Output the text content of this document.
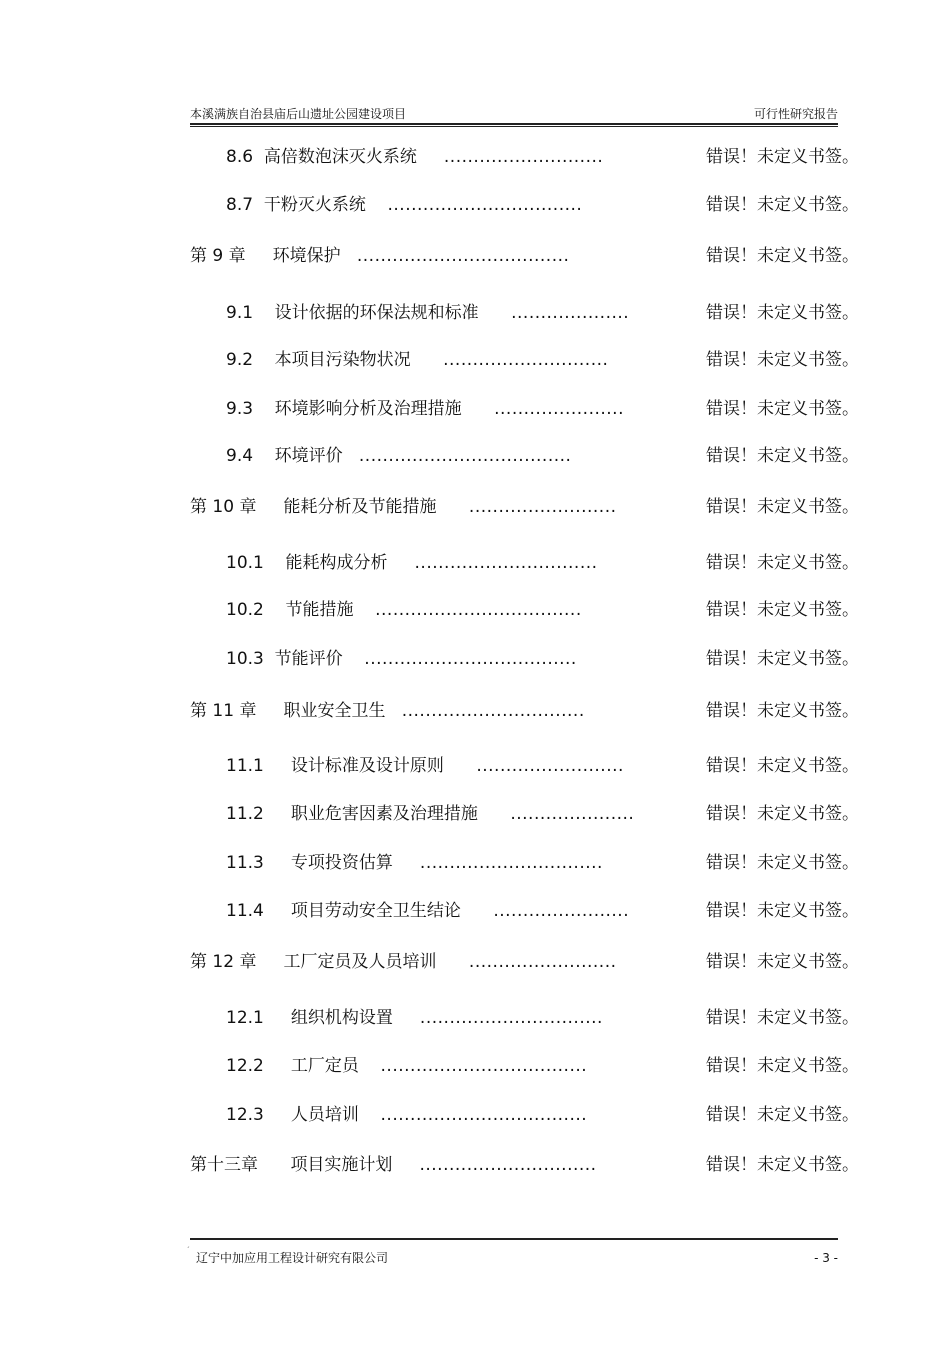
本溪满族自治县庙后山遗址公园建设项目	可行性研究报告
8.6 高倍数泡沫灭火系统 ...........................	错误！未定义书签。
8.7 干粉灭火系统 .................................	错误！未定义书签。
第 9 章 环境保护 ....................................	错误！未定义书签。
9.1 设计依据的环保法规和标准 ....................	错误！未定义书签。
9.2 本项目污染物状况 ............................	错误！未定义书签。
9.3 环境影响分析及治理措施 ......................	错误！未定义书签。
9.4 环境评价 ....................................	错误！未定义书签。
第 10 章 能耗分析及节能措施 .........................	错误！未定义书签。
10.1 能耗构成分析 ...............................	错误！未定义书签。
10.2 节能措施 ...................................	错误！未定义书签。
10.3 节能评价 ....................................	错误！未定义书签。
第 11 章 职业安全卫生 ...............................	错误！未定义书签。
11.1 设计标准及设计原则 .........................	错误！未定义书签。
11.2 职业危害因素及治理措施 .....................	错误！未定义书签。
11.3 专项投资估算 ...............................	错误！未定义书签。
11.4 项目劳动安全卫生结论 .......................	错误！未定义书签。
第 12 章 工厂定员及人员培训 .........................	错误！未定义书签。
12.1 组织机构设置 ...............................	错误！未定义书签。
12.2 工厂定员 ...................................	错误！未定义书签。
12.3 人员培训 ...................................	错误！未定义书签。
第十三章 项目实施计划 ..............................	错误！未定义书签。
ˊ
辽宁中加应用工程设计研究有限公司	- 3 -
